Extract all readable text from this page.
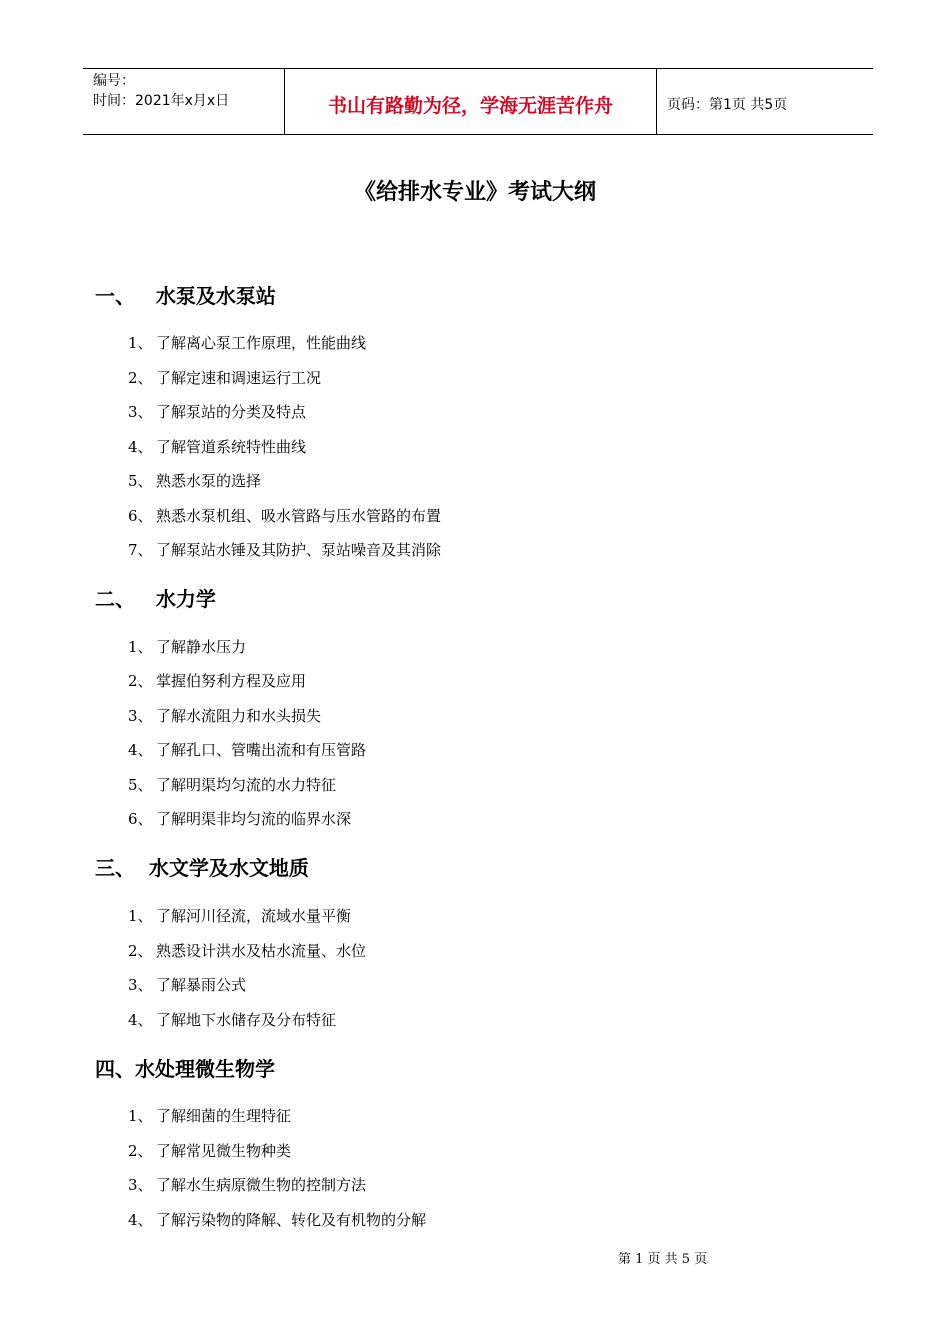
编号：
时间：2021年x月x日	书山有路勤为径，学海无涯苦作舟	页码：第1页 共5页
《给排水专业》考试大纲
一、   水泵及水泵站
1、 了解离心泵工作原理，性能曲线
2、 了解定速和调速运行工况
3、 了解泵站的分类及特点
4、 了解管道系统特性曲线
5、 熟悉水泵的选择
6、 熟悉水泵机组、吸水管路与压水管路的布置
7、 了解泵站水锤及其防护、泵站噪音及其消除
二、   水力学
1、 了解静水压力
2、 掌握伯努利方程及应用
3、 了解水流阻力和水头损失
4、 了解孔口、管嘴出流和有压管路
5、 了解明渠均匀流的水力特征
6、 了解明渠非均匀流的临界水深
三、  水文学及水文地质
1、 了解河川径流，流域水量平衡
2、 熟悉设计洪水及枯水流量、水位
3、 了解暴雨公式
4、 了解地下水储存及分布特征
四、水处理微生物学
1、 了解细菌的生理特征
2、 了解常见微生物种类
3、 了解水生病原微生物的控制方法
4、 了解污染物的降解、转化及有机物的分解
第 1 页 共 5 页
